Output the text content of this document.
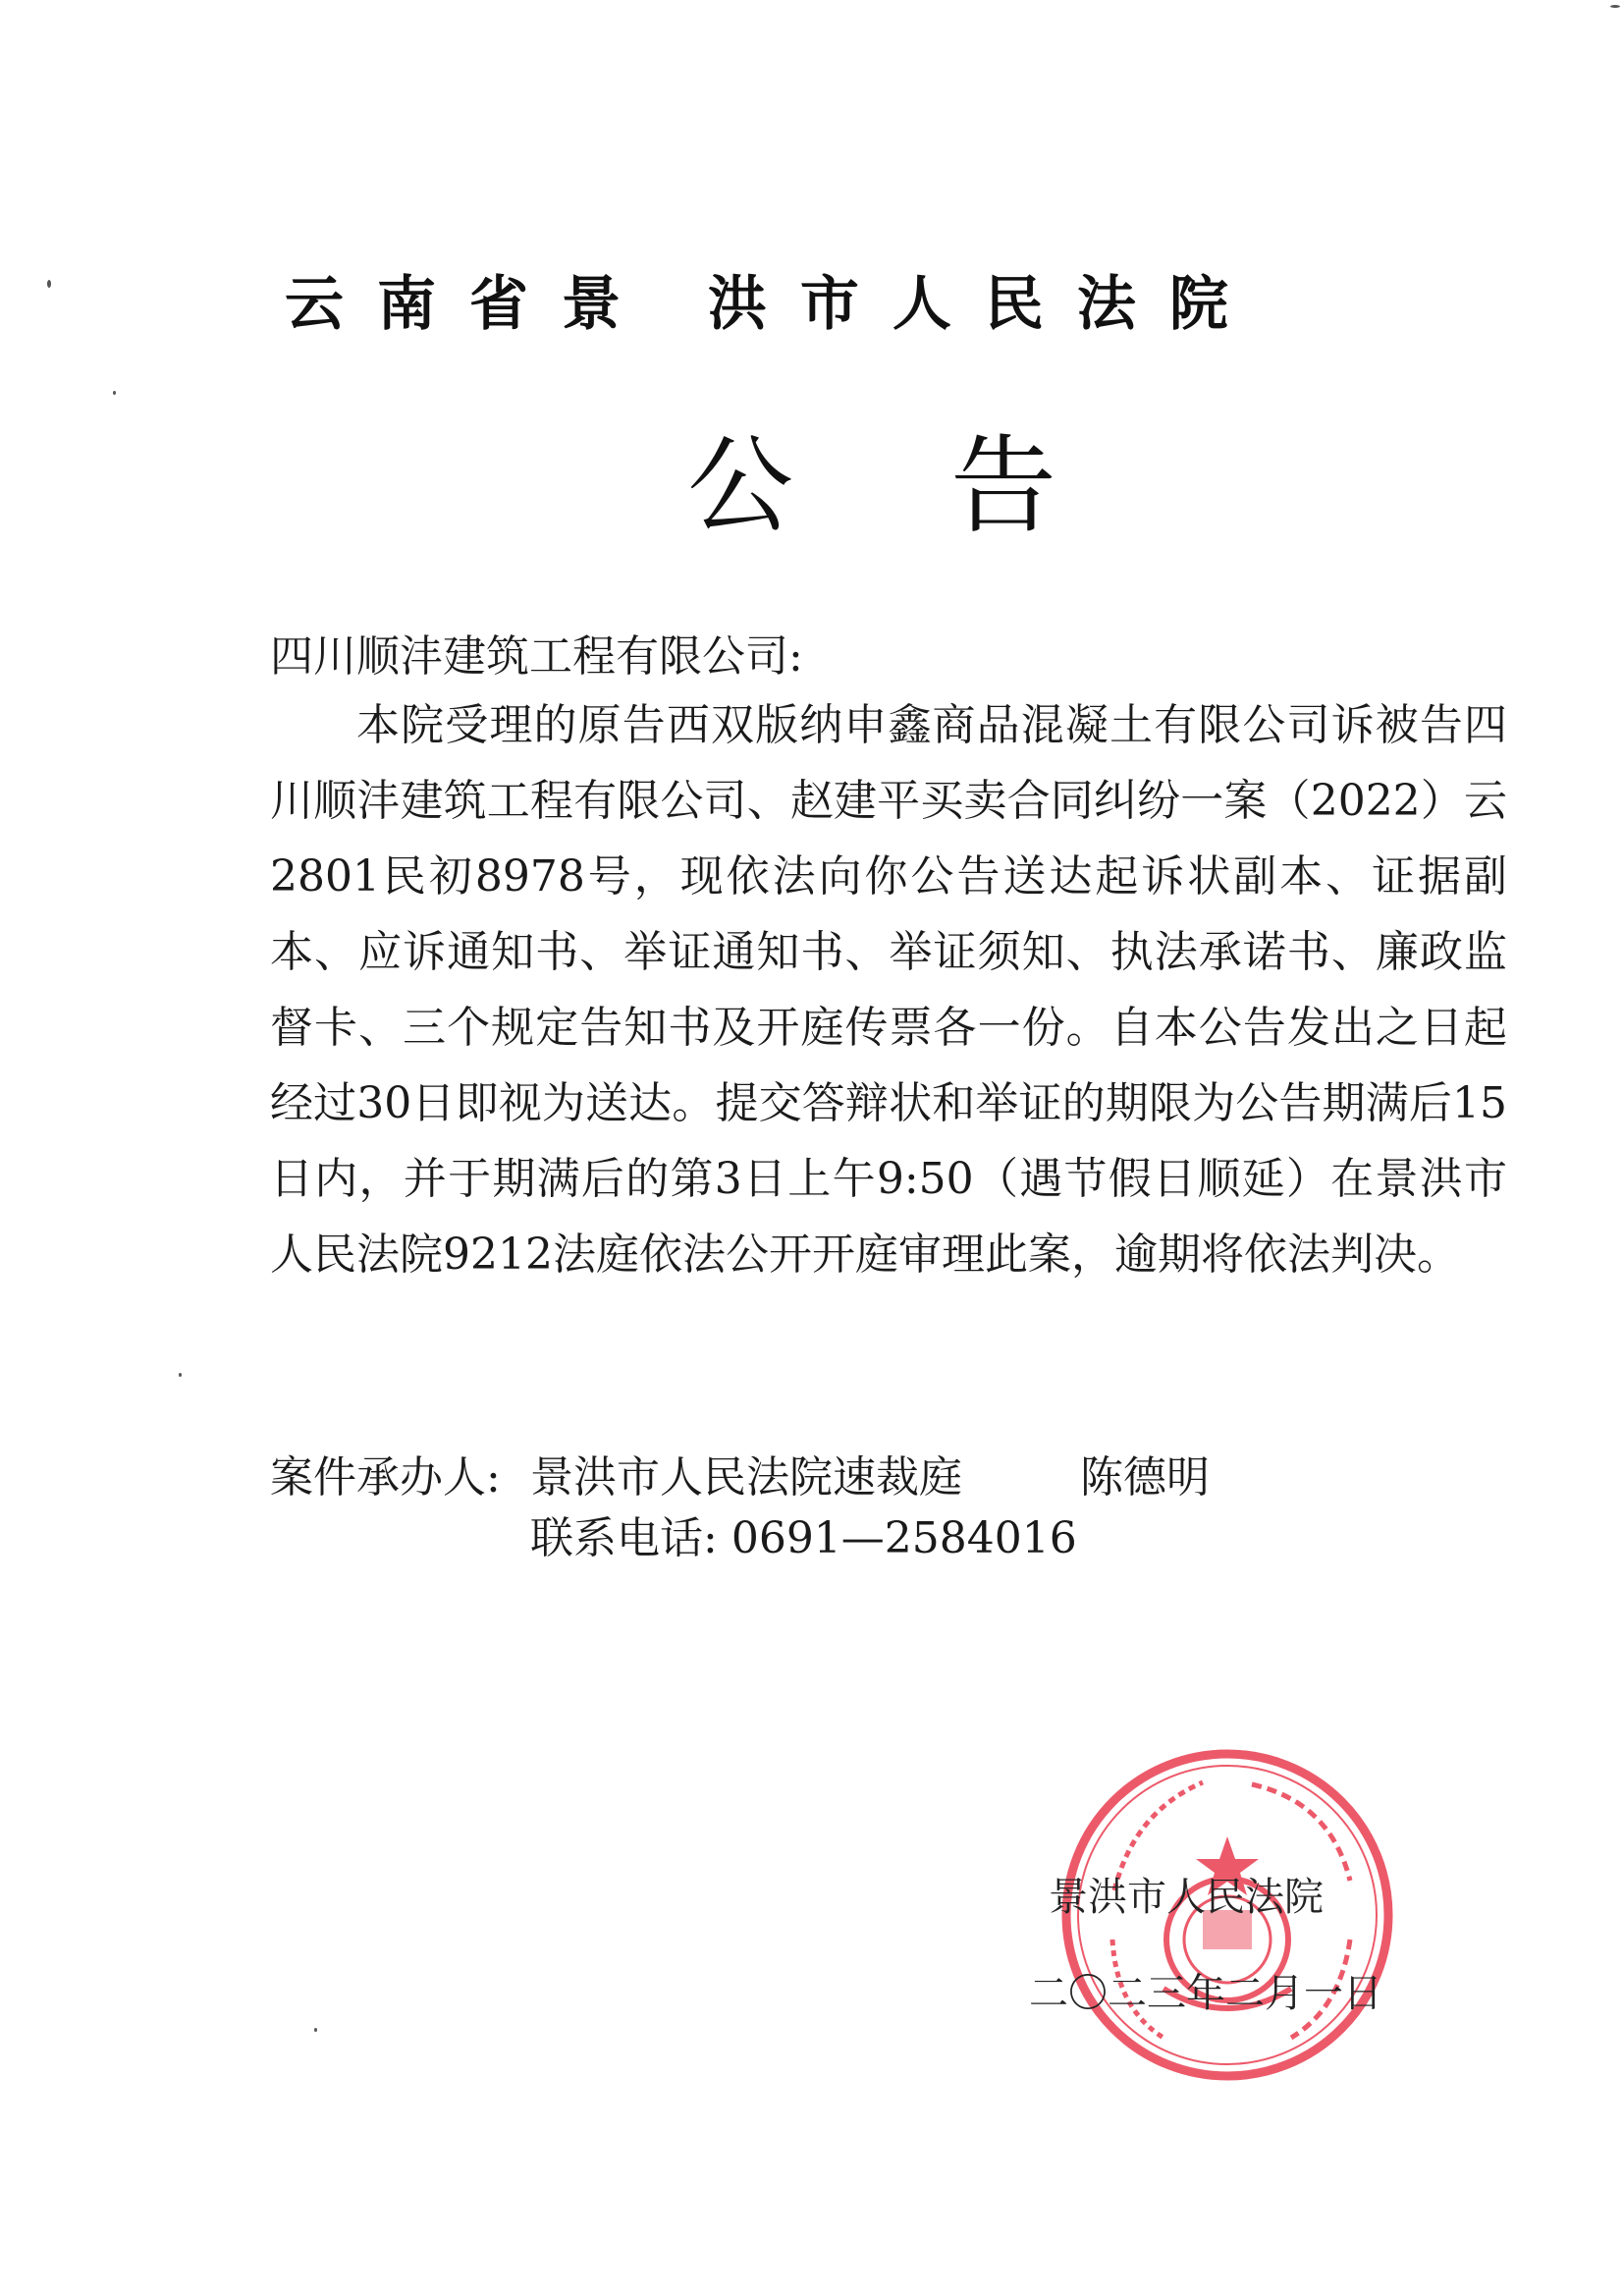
云南省景 洪市人民法院
公告
四川顺沣建筑工程有限公司:

本院受理的原告西双版纳申鑫商品混凝土有限公司诉被告四川顺沣建筑工程有限公司、赵建平买卖合同纠纷一案（2022）云2801民初8978号，现依法向你公告送达起诉状副本、证据副本、应诉通知书、举证通知书、举证须知、执法承诺书、廉政监督卡、三个规定告知书及开庭传票各一份。自本公告发出之日起经过30日即视为送达。提交答辩状和举证的期限为公告期满后15日内，并于期满后的第3日上午9:50（遇节假日顺延）在景洪市人民法院9212法庭依法公开开庭审理此案，逾期将依法判决。

案件承办人: 景洪市人民法院速裁庭	陈德明
联系电话: 0691—2584016
景洪市人民法院
二〇二三年二月一日
